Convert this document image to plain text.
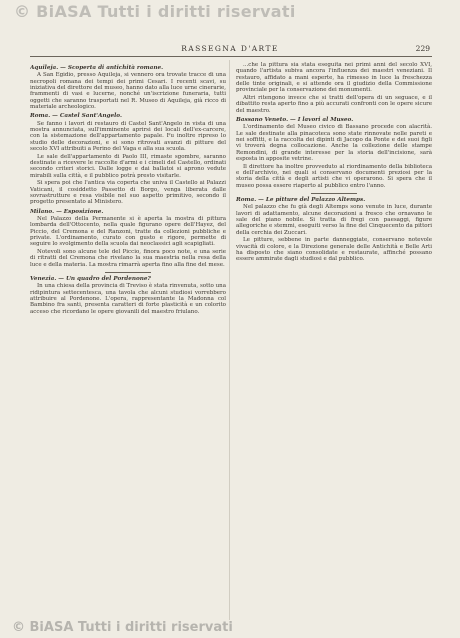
© BiASA Tutti i diritti riservati
RASSEGNA D'ARTE	229
Aquileja. — Scoperta di antichità romane.

A San Egidio, presso Aquileja, si vennero ora trovate tracce di una necropoli romana dei tempi dei primi Cesari. I recenti scavi, su iniziativa del direttore del museo, hanno dato alla luce urne cinerarie, frammenti di vasi e lucerne, nonché un'iscrizione funeraria, tutti oggetti che saranno trasportati nel R. Museo di Aquileja, già ricco di materiale archeologico.

Roma. — Castel Sant'Angelo.

Se fanno i lavori di restauro di Castel Sant'Angelo in vista di una mostra annunciata, sull'imminente aprirsi dei locali dell'ex-carcere, con la sistemazione dell'appartamento papale. Fu inoltre ripreso lo studio delle decorazioni, e si sono ritrovati avanzi di pitture del secolo XVI attribuiti a Perino del Vaga e alla sua scuola.

Le sale dell'appartamento di Paolo III, rimaste sgombre, saranno destinate a ricevere le raccolte d'armi e i cimeli del Castello, ordinati secondo criteri storici. Dalle logge e dai ballatoi si aprono vedute mirabili sulla città, e il pubblico potrà presto visitarle.

Si spera poi che l'antica via coperta che univa il Castello ai Palazzi Vaticani, il cosiddetto Passetto di Borgo, venga liberata dalle sovrastrutture e resa visibile nel suo aspetto primitivo, secondo il progetto presentato al Ministero.

Milano. — Esposizione.

Nel Palazzo della Permanente si è aperta la mostra di pittura lombarda dell'Ottocento, nella quale figurano opere dell'Hayez, del Piccio, del Cremona e del Ranzoni, tratte da collezioni pubbliche e private. L'ordinamento, curato con gusto e rigore, permette di seguire lo svolgimento della scuola dai neoclassici agli scapigliati.

Notevoli sono alcune tele del Piccio, finora poco note, e una serie di ritratti del Cremona che rivelano la sua maestria nella resa della luce e della materia. La mostra rimarrà aperta fino alla fine del mese.

Venezia. — Un quadro del Pordenone?

In una chiesa della provincia di Treviso è stata rinvenuta, sotto una ridipintura settecentesca, una tavola che alcuni studiosi vorrebbero attribuire al Pordenone. L'opera, rappresentante la Madonna col Bambino fra santi, presenta caratteri di forte plasticità e un colorito acceso che ricordano le opere giovanili del maestro friulano.

...che la pittura sia stata eseguita nei primi anni del secolo XVI, quando l'artista subiva ancora l'influenza dei maestri veneziani. Il restauro, affidato a mani esperte, ha rimesso in luce la freschezza delle tinte originali, e si attende ora il giudizio della Commissione provinciale per la conservazione dei monumenti.

Altri ritengono invece che si tratti dell'opera di un seguace, e il dibattito resta aperto fino a più accurati confronti con le opere sicure del maestro.

Bassano Veneto. — I lavori al Museo.

L'ordinamento del Museo civico di Bassano procede con alacrità. Le sale destinate alla pinacoteca sono state rinnovate nelle pareti e nei soffitti, e la raccolta dei dipinti di Jacopo da Ponte e dei suoi figli vi troverà degna collocazione. Anche la collezione delle stampe Remondini, di grande interesse per la storia dell'incisione, sarà esposta in apposite vetrine.

Il direttore ha inoltre provveduto al riordinamento della biblioteca e dell'archivio, nei quali si conservano documenti preziosi per la storia della città e degli artisti che vi operarono. Si spera che il museo possa essere riaperto al pubblico entro l'anno.

Roma. — Le pitture del Palazzo Altemps.

Nel palazzo che fu già degli Altemps sono venute in luce, durante lavori di adattamento, alcune decorazioni a fresco che ornavano le sale del piano nobile. Si tratta di fregi con paesaggi, figure allegoriche e stemmi, eseguiti verso la fine del Cinquecento da pittori della cerchia dei Zuccari.

Le pitture, sebbene in parte danneggiate, conservano notevole vivacità di colore, e la Direzione generale delle Antichità e Belle Arti ha disposto che siano consolidate e restaurate, affinché possano essere ammirate dagli studiosi e dal pubblico.

© BiASA Tutti i diritti riservati
